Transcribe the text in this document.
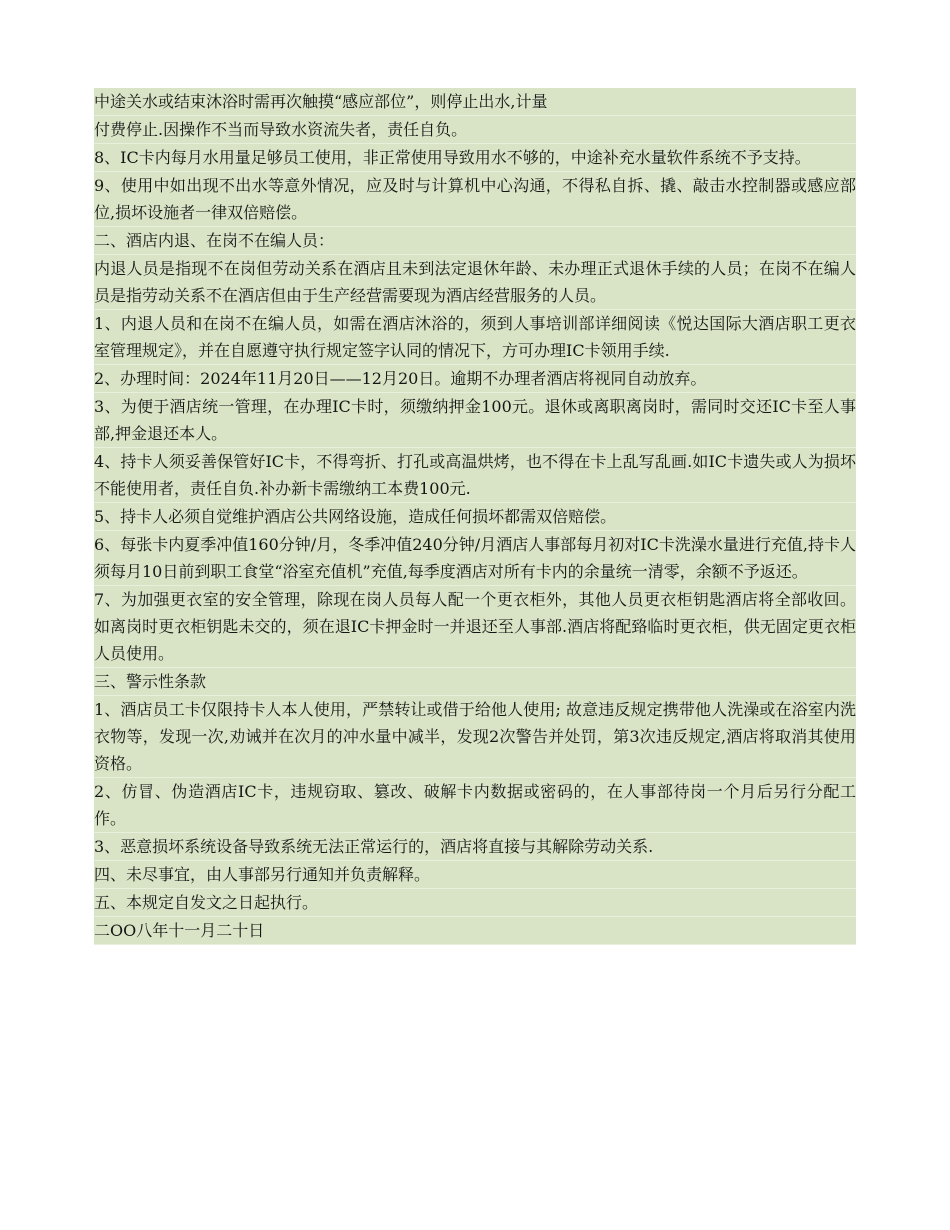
中途关水或结束沐浴时需再次触摸“感应部位”，则停止出水,计量
付费停止.因操作不当而导致水资流失者，责任自负。
8、IC卡内每月水用量足够员工使用，非正常使用导致用水不够的，中途补充水量软件系统不予支持。
9、使用中如出现不出水等意外情况，应及时与计算机中心沟通，不得私自拆、撬、敲击水控制器或感应部位,损坏设施者一律双倍赔偿。
二、酒店内退、在岗不在编人员：
内退人员是指现不在岗但劳动关系在酒店且未到法定退休年龄、未办理正式退休手续的人员；在岗不在编人员是指劳动关系不在酒店但由于生产经营需要现为酒店经营服务的人员。
1、内退人员和在岗不在编人员，如需在酒店沐浴的，须到人事培训部详细阅读《悦达国际大酒店职工更衣室管理规定》，并在自愿遵守执行规定签字认同的情况下，方可办理IC卡领用手续.
2、办理时间：2024年11月20日——12月20日。逾期不办理者酒店将视同自动放弃。
3、为便于酒店统一管理，在办理IC卡时，须缴纳押金100元。退休或离职离岗时，需同时交还IC卡至人事部,押金退还本人。
4、持卡人须妥善保管好IC卡，不得弯折、打孔或高温烘烤，也不得在卡上乱写乱画.如IC卡遗失或人为损坏不能使用者，责任自负.补办新卡需缴纳工本费100元.
5、持卡人必须自觉维护酒店公共网络设施，造成任何损坏都需双倍赔偿。
6、每张卡内夏季冲值160分钟/月，冬季冲值240分钟/月酒店人事部每月初对IC卡洗澡水量进行充值,持卡人须每月10日前到职工食堂“浴室充值机”充值,每季度酒店对所有卡内的余量统一清零，余额不予返还。
7、为加强更衣室的安全管理，除现在岗人员每人配一个更衣柜外，其他人员更衣柜钥匙酒店将全部收回。如离岗时更衣柜钥匙未交的，须在退IC卡押金时一并退还至人事部.酒店将配臵临时更衣柜，供无固定更衣柜人员使用。
三、警示性条款
1、酒店员工卡仅限持卡人本人使用，严禁转让或借于给他人使用; 故意违反规定携带他人洗澡或在浴室内洗衣物等，发现一次,劝诫并在次月的冲水量中减半，发现2次警告并处罚，第3次违反规定,酒店将取消其使用资格。
2、仿冒、伪造酒店IC卡，违规窃取、篡改、破解卡内数据或密码的，在人事部待岗一个月后另行分配工作。
3、恶意损坏系统设备导致系统无法正常运行的，酒店将直接与其解除劳动关系.
四、未尽事宜，由人事部另行通知并负责解释。
五、本规定自发文之日起执行。
二OO八年十一月二十日
